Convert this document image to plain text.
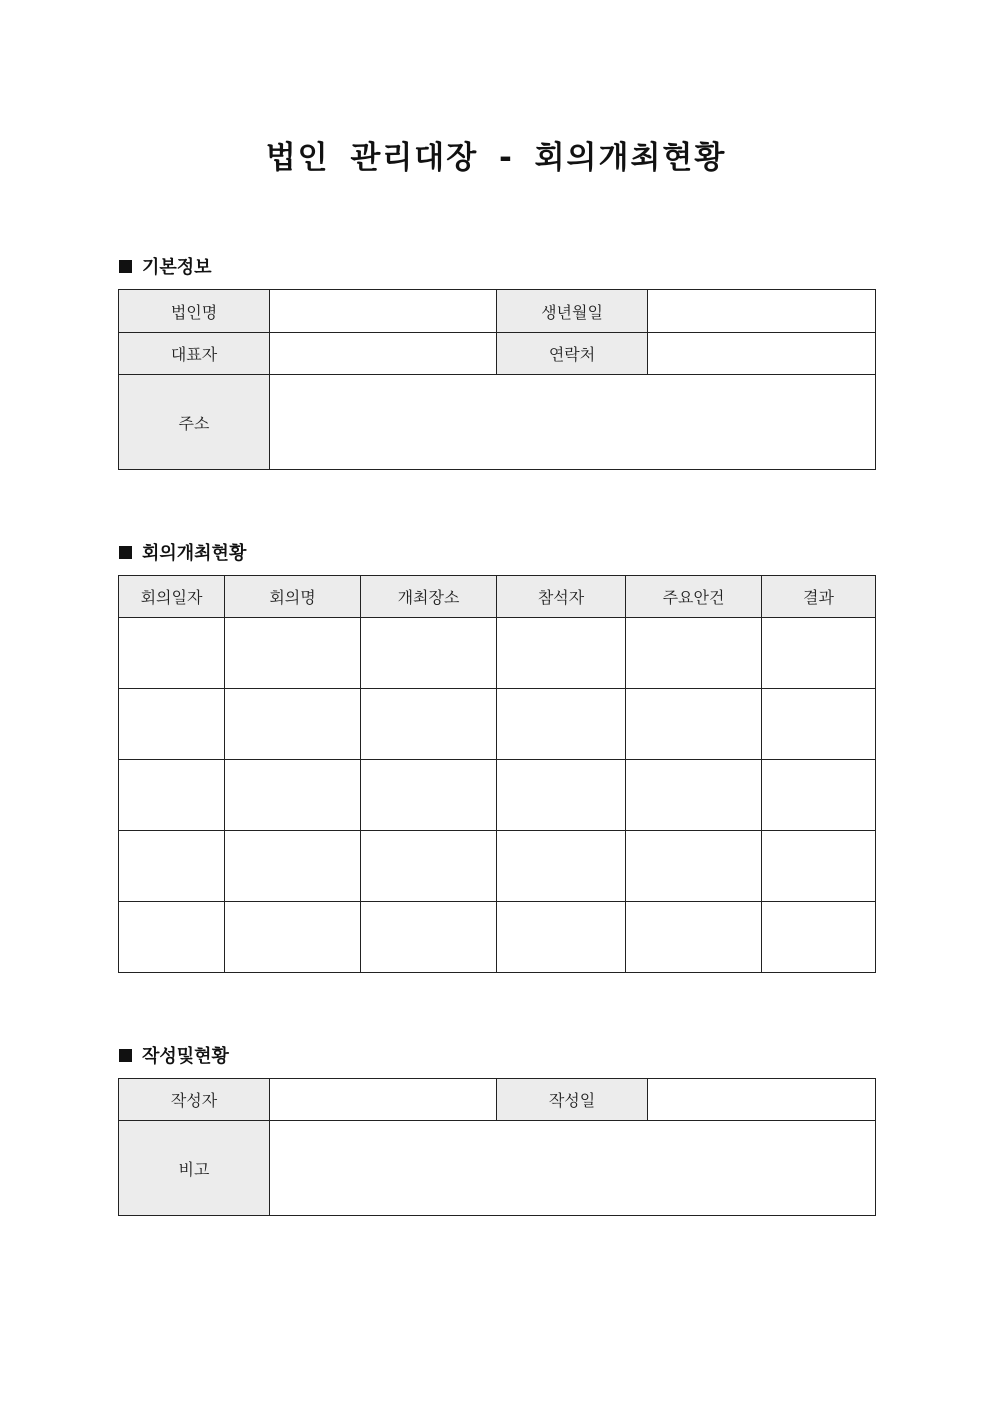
법인 관리대장 - 회의개최현황
기본정보
법인명		생년월일	
대표자		연락처	
주소			
회의개최현황
회의일자	회의명	개최장소	참석자	주요안건	결과

작성및현황
작성자		작성일	
비고			
